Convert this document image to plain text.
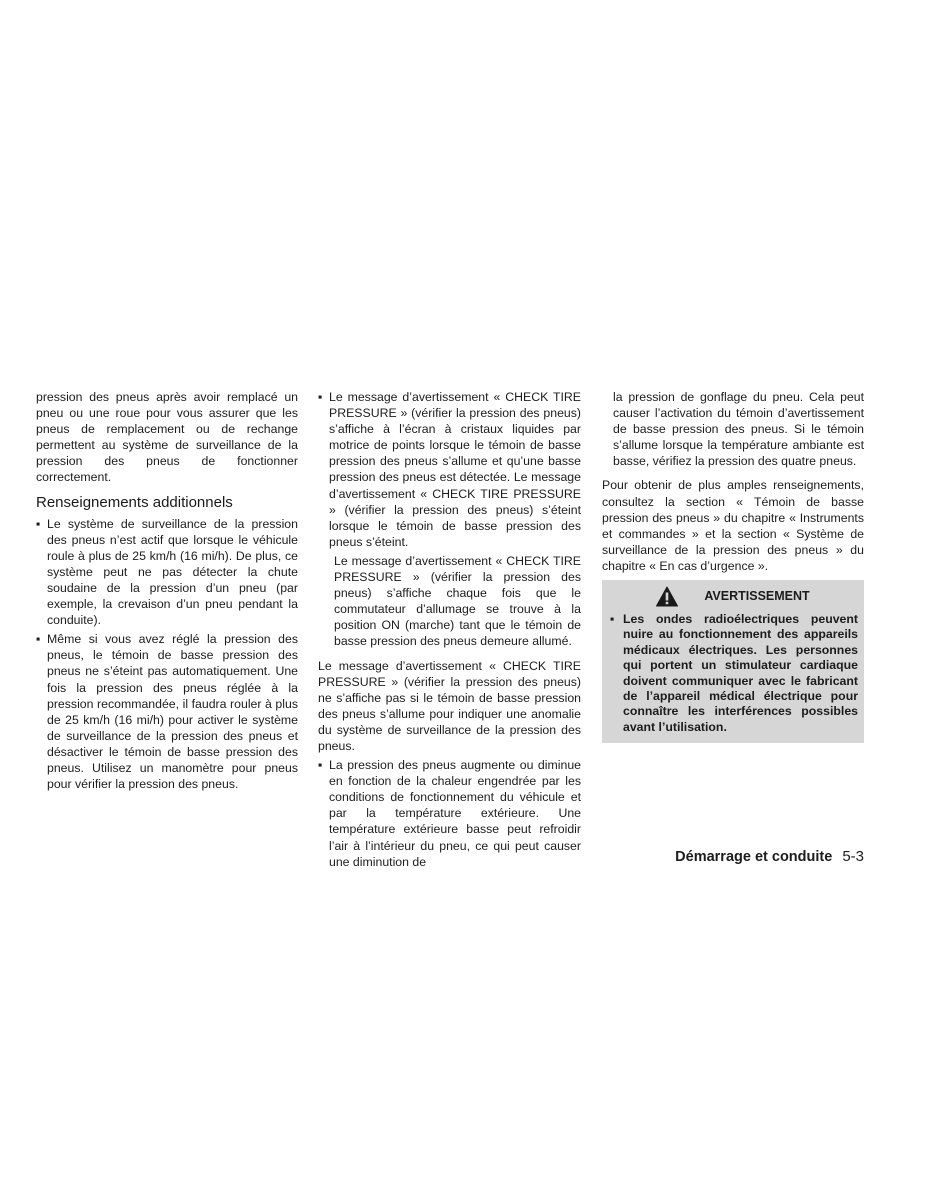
pression des pneus après avoir remplacé un pneu ou une roue pour vous assurer que les pneus de remplacement ou de rechange permettent au système de surveillance de la pression des pneus de fonctionner correctement.

Renseignements additionnels
▪ Le système de surveillance de la pression des pneus n’est actif que lorsque le véhicule roule à plus de 25 km/h (16 mi/h). De plus, ce système peut ne pas détecter la chute soudaine de la pression d’un pneu (par exemple, la crevaison d’un pneu pendant la conduite).
▪ Même si vous avez réglé la pression des pneus, le témoin de basse pression des pneus ne s’éteint pas automatiquement. Une fois la pression des pneus réglée à la pression recommandée, il faudra rouler à plus de 25 km/h (16 mi/h) pour activer le système de surveillance de la pression des pneus et désactiver le témoin de basse pression des pneus. Utilisez un manomètre pour pneus pour vérifier la pression des pneus.
▪ Le message d’avertissement « CHECK TIRE PRESSURE » (vérifier la pression des pneus) s’affiche à l’écran à cristaux liquides par motrice de points lorsque le témoin de basse pression des pneus s’allume et qu’une basse pression des pneus est détectée. Le message d’avertissement « CHECK TIRE PRESSURE » (vérifier la pression des pneus) s’éteint lorsque le témoin de basse pression des pneus s’éteint.

Le message d’avertissement « CHECK TIRE PRESSURE » (vérifier la pression des pneus) s’affiche chaque fois que le commutateur d’allumage se trouve à la position ON (marche) tant que le témoin de basse pression des pneus demeure allumé.

Le message d’avertissement « CHECK TIRE PRESSURE » (vérifier la pression des pneus) ne s’affiche pas si le témoin de basse pression des pneus s’allume pour indiquer une anomalie du système de surveillance de la pression des pneus.

▪ La pression des pneus augmente ou diminue en fonction de la chaleur engendrée par les conditions de fonctionnement du véhicule et par la température extérieure. Une température extérieure basse peut refroidir l’air à l’intérieur du pneu, ce qui peut causer une diminution de

la pression de gonflage du pneu. Cela peut causer l’activation du témoin d’avertissement de basse pression des pneus. Si le témoin s’allume lorsque la température ambiante est basse, vérifiez la pression des quatre pneus.

Pour obtenir de plus amples renseignements, consultez la section « Témoin de basse pression des pneus » du chapitre « Instruments et commandes » et la section « Système de surveillance de la pression des pneus » du chapitre « En cas d’urgence ».

AVERTISSEMENT
▪ Les ondes radioélectriques peuvent nuire au fonctionnement des appareils médicaux électriques. Les personnes qui portent un stimulateur cardiaque doivent communiquer avec le fabricant de l’appareil médical électrique pour connaître les interférences possibles avant l’utilisation.
Démarrage et conduite 5-3
